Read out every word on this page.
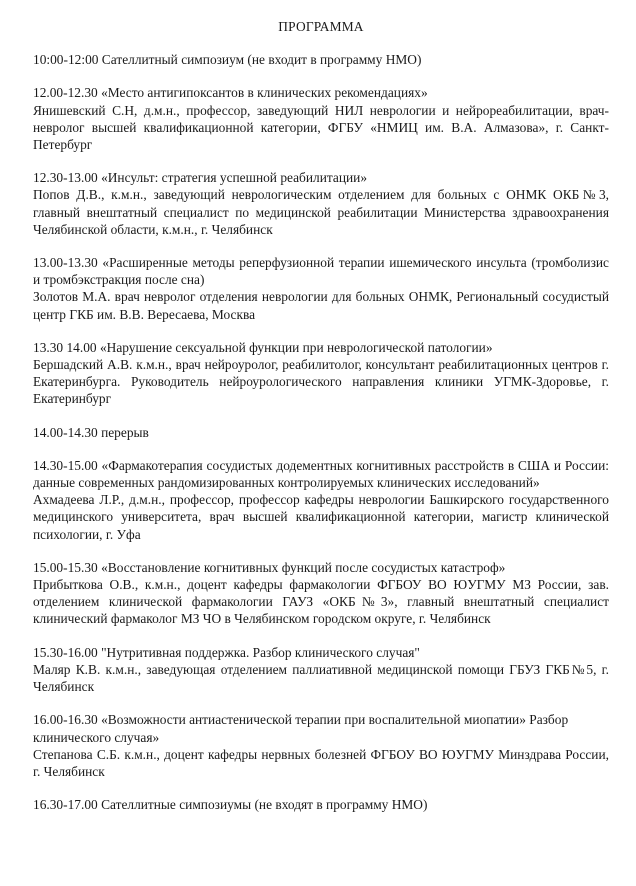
ПРОГРАММА

10:00-12:00 Сателлитный симпозиум (не входит в программу НМО)

12.00-12.30 «Место антигипоксантов в клинических рекомендациях»

Янишевский С.Н, д.м.н., профессор, заведующий НИЛ неврологии и нейрореабилитации, врач-невролог высшей квалификационной категории, ФГБУ «НМИЦ им. В.А. Алмазова», г. Санкт-Петербург

12.30-13.00 «Инсульт: стратегия успешной реабилитации»

Попов Д.В., к.м.н., заведующий неврологическим отделением для больных с ОНМК ОКБ№3, главный внештатный специалист по медицинской реабилитации Министерства здравоохранения Челябинской области, к.м.н., г. Челябинск

13.00-13.30 «Расширенные методы реперфузионной терапии ишемического инсульта (тромболизис и тромбэкстракция после сна)

Золотов М.А. врач невролог отделения неврологии для больных ОНМК, Региональный сосудистый центр ГКБ им. В.В. Вересаева, Москва

13.30 14.00 «Нарушение сексуальной функции при неврологической патологии»

Бершадский А.В. к.м.н., врач нейроуролог, реабилитолог, консультант реабилитационных центров г. Екатеринбурга. Руководитель нейроурологического направления клиники УГМК-Здоровье, г. Екатеринбург

14.00-14.30 перерыв

14.30-15.00 «Фармакотерапия сосудистых додементных когнитивных расстройств в США и России: данные современных рандомизированных контролируемых клинических исследований»

Ахмадеева Л.Р., д.м.н., профессор, профессор кафедры неврологии Башкирского государственного медицинского университета, врач высшей квалификационной категории, магистр клинической психологии, г. Уфа

15.00-15.30 «Восстановление когнитивных функций после сосудистых катастроф»

Прибыткова О.В., к.м.н., доцент кафедры фармакологии ФГБОУ ВО ЮУГМУ МЗ России, зав. отделением клинической фармакологии ГАУЗ «ОКБ№3», главный внештатный специалист клинический фармаколог МЗ ЧО в Челябинском городском округе, г. Челябинск

15.30-16.00 "Нутритивная поддержка. Разбор клинического случая"

Маляр К.В. к.м.н., заведующая отделением паллиативной медицинской помощи ГБУЗ ГКБ№5, г. Челябинск

16.00-16.30 «Возможности антиастенической терапии при воспалительной миопатии» Разбор клинического случая»

Степанова С.Б. к.м.н., доцент кафедры нервных болезней ФГБОУ ВО ЮУГМУ Минздрава России, г. Челябинск

16.30-17.00 Сателлитные симпозиумы (не входят в программу НМО)
